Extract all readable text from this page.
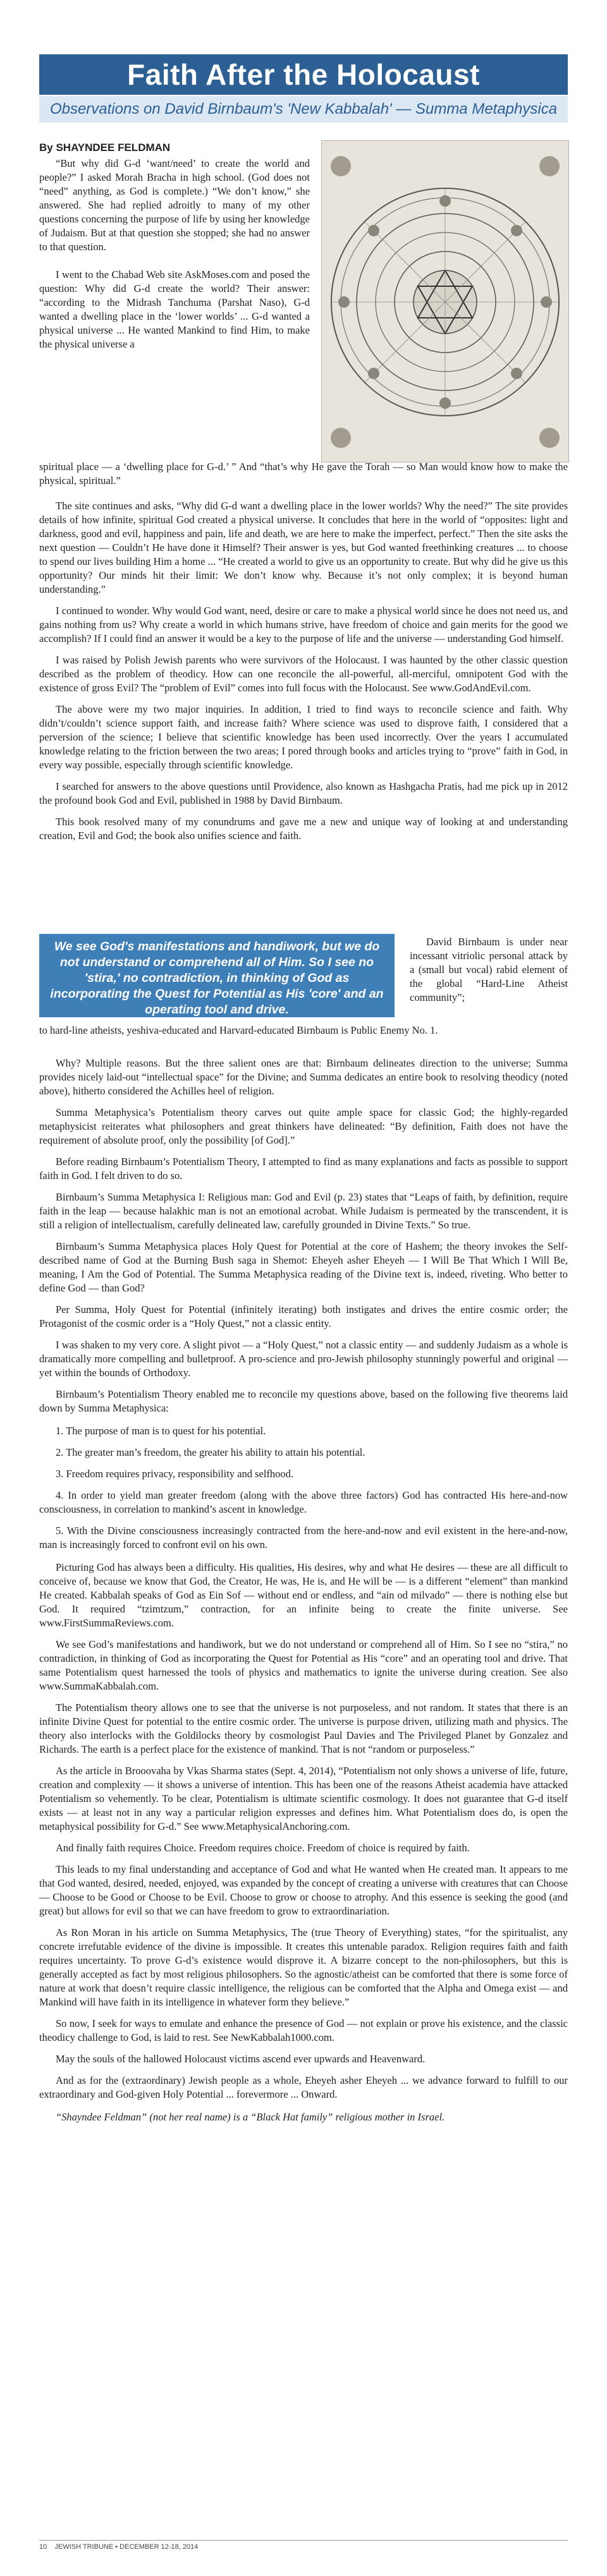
Faith After the Holocaust
Observations on David Birnbaum's 'New Kabbalah' — Summa Metaphysica
By SHAYNDEE FELDMAN

“But why did G-d ‘want/need’ to create the world and people?” I asked Morah Bracha in high school. (God does not “need” anything, as God is complete.) “We don’t know,” she answered. She had replied adroitly to many of my other questions concerning the purpose of life by using her knowledge of Judaism. But at that question she stopped; she had no answer to that question.

I went to the Chabad Web site AskMoses.com and posed the question: Why did G-d create the world? Their answer: “according to the Midrash Tanchuma (Parshat Naso), G-d wanted a dwelling place in the ‘lower worlds’ ... G-d wanted a physical universe ... He wanted Mankind to find Him, to make the physical universe a

spiritual place — a ‘dwelling place for G-d.’ ” And “that’s why He gave the Torah — so Man would know how to make the physical, spiritual.”

The site continues and asks, “Why did G-d want a dwelling place in the lower worlds? Why the need?” The site provides details of how infinite, spiritual God created a physical universe. It concludes that here in the world of “opposites: light and darkness, good and evil, happiness and pain, life and death, we are here to make the imperfect, perfect.” Then the site asks the next question — Couldn’t He have done it Himself? Their answer is yes, but God wanted freethinking creatures ... to choose to spend our lives building Him a home ... “He created a world to give us an opportunity to create. But why did he give us this opportunity? Our minds hit their limit: We don’t know why. Because it’s not only complex; it is beyond human understanding.”

I continued to wonder. Why would God want, need, desire or care to make a physical world since he does not need us, and gains nothing from us? Why create a world in which humans strive, have freedom of choice and gain merits for the good we accomplish? If I could find an answer it would be a key to the purpose of life and the universe — understanding God himself.

I was raised by Polish Jewish parents who were survivors of the Holocaust. I was haunted by the other classic question described as the problem of theodicy. How can one reconcile the all-powerful, all-merciful, omnipotent God with the existence of gross Evil? The “problem of Evil” comes into full focus with the Holocaust. See www.GodAndEvil.com.

The above were my two major inquiries. In addition, I tried to find ways to reconcile science and faith. Why didn’t/couldn’t science support faith, and increase faith? Where science was used to disprove faith, I considered that a perversion of the science; I believe that scientific knowledge has been used incorrectly. Over the years I accumulated knowledge relating to the friction between the two areas; I pored through books and articles trying to “prove” faith in God, in every way possible, especially through scientific knowledge.

I searched for answers to the above questions until Providence, also known as Hashgacha Pratis, had me pick up in 2012 the profound book God and Evil, published in 1988 by David Birnbaum.

This book resolved many of my conundrums and gave me a new and unique way of looking at and understanding creation, Evil and God; the book also unifies science and faith.

We see God's manifestations and handiwork, but we do not understand or comprehend all of Him. So I see no 'stira,' no contradiction, in thinking of God as incorporating the Quest for Potential as His 'core' and an operating tool and drive.

David Birnbaum is under near incessant vitriolic personal attack by a (small but vocal) rabid element of the global “Hard-Line Atheist community”;

to hard-line atheists, yeshiva-educated and Harvard-educated Birnbaum is Public Enemy No. 1.

Why? Multiple reasons. But the three salient ones are that: Birnbaum delineates direction to the universe; Summa provides nicely laid-out “intellectual space” for the Divine; and Summa dedicates an entire book to resolving theodicy (noted above), hitherto considered the Achilles heel of religion.

Summa Metaphysica’s Potentialism theory carves out quite ample space for classic God; the highly-regarded metaphysicist reiterates what philosophers and great thinkers have delineated: “By definition, Faith does not have the requirement of absolute proof, only the possibility [of God].”

Before reading Birnbaum’s Potentialism Theory, I attempted to find as many explanations and facts as possible to support faith in God. I felt driven to do so.

Birnbaum’s Summa Metaphysica I: Religious man: God and Evil (p. 23) states that “Leaps of faith, by definition, require faith in the leap — because halakhic man is not an emotional acrobat. While Judaism is permeated by the transcendent, it is still a religion of intellectualism, carefully delineated law, carefully grounded in Divine Texts.” So true.

Birnbaum’s Summa Metaphysica places Holy Quest for Potential at the core of Hashem; the theory invokes the Self-described name of God at the Burning Bush saga in Shemot: Eheyeh asher Eheyeh — I Will Be That Which I Will Be, meaning, I Am the God of Potential. The Summa Metaphysica reading of the Divine text is, indeed, riveting. Who better to define God — than God?

Per Summa, Holy Quest for Potential (infinitely iterating) both instigates and drives the entire cosmic order; the Protagonist of the cosmic order is a “Holy Quest,” not a classic entity.

I was shaken to my very core. A slight pivot — a “Holy Quest,” not a classic entity — and suddenly Judaism as a whole is dramatically more compelling and bulletproof. A pro-science and pro-Jewish philosophy stunningly powerful and original — yet within the bounds of Orthodoxy.

Birnbaum’s Potentialism Theory enabled me to reconcile my questions above, based on the following five theorems laid down by Summa Metaphysica:

1. The purpose of man is to quest for his potential.

2. The greater man’s freedom, the greater his ability to attain his potential.

3. Freedom requires privacy, responsibility and selfhood.

4. In order to yield man greater freedom (along with the above three factors) God has contracted His here-and-now consciousness, in correlation to mankind’s ascent in knowledge.

5. With the Divine consciousness increasingly contracted from the here-and-now and evil existent in the here-and-now, man is increasingly forced to confront evil on his own.

Picturing God has always been a difficulty. His qualities, His desires, why and what He desires — these are all difficult to conceive of, because we know that God, the Creator, He was, He is, and He will be — is a different “element” than mankind He created. Kabbalah speaks of God as Ein Sof — without end or endless, and “ain od milvado” — there is nothing else but God. It required “tzimtzum,” contraction, for an infinite being to create the finite universe. See www.FirstSummaReviews.com.

We see God’s manifestations and handiwork, but we do not understand or comprehend all of Him. So I see no “stira,” no contradiction, in thinking of God as incorporating the Quest for Potential as His “core” and an operating tool and drive. That same Potentialism quest harnessed the tools of physics and mathematics to ignite the universe during creation. See also www.SummaKabbalah.com.

The Potentialism theory allows one to see that the universe is not purposeless, and not random. It states that there is an infinite Divine Quest for potential to the entire cosmic order. The universe is purpose driven, utilizing math and physics. The theory also interlocks with the Goldilocks theory by cosmologist Paul Davies and The Privileged Planet by Gonzalez and Richards. The earth is a perfect place for the existence of mankind. That is not “random or purposeless.”

As the article in Brooovaha by Vkas Sharma states (Sept. 4, 2014), “Potentialism not only shows a universe of life, future, creation and complexity — it shows a universe of intention. This has been one of the reasons Atheist academia have attacked Potentialism so vehemently. To be clear, Potentialism is ultimate scientific cosmology. It does not guarantee that G-d itself exists — at least not in any way a particular religion expresses and defines him. What Potentialism does do, is open the metaphysical possibility for G-d.” See www.MetaphysicalAnchoring.com.

And finally faith requires Choice. Freedom requires choice. Freedom of choice is required by faith.

This leads to my final understanding and acceptance of God and what He wanted when He created man. It appears to me that God wanted, desired, needed, enjoyed, was expanded by the concept of creating a universe with creatures that can Choose — Choose to be Good or Choose to be Evil. Choose to grow or choose to atrophy. And this essence is seeking the good (and great) but allows for evil so that we can have freedom to grow to extraordinariation.

As Ron Moran in his article on Summa Metaphysics, The (true Theory of Everything) states, “for the spiritualist, any concrete irrefutable evidence of the divine is impossible. It creates this untenable paradox. Religion requires faith and faith requires uncertainty. To prove G-d’s existence would disprove it. A bizarre concept to the non-philosophers, but this is generally accepted as fact by most religious philosophers. So the agnostic/atheist can be comforted that there is some force of nature at work that doesn’t require classic intelligence, the religious can be comforted that the Alpha and Omega exist — and Mankind will have faith in its intelligence in whatever form they believe.”

So now, I seek for ways to emulate and enhance the presence of God — not explain or prove his existence, and the classic theodicy challenge to God, is laid to rest. See NewKabbalah1000.com.

May the souls of the hallowed Holocaust victims ascend ever upwards and Heavenward.

And as for the (extraordinary) Jewish people as a whole, Eheyeh asher Eheyeh ... we advance forward to fulfill to our extraordinary and God-given Holy Potential ... forevermore ... Onward.

“Shayndee Feldman” (not her real name) is a “Black Hat family” religious mother in Israel.

10 JEWISH TRIBUNE • DECEMBER 12-18, 2014
